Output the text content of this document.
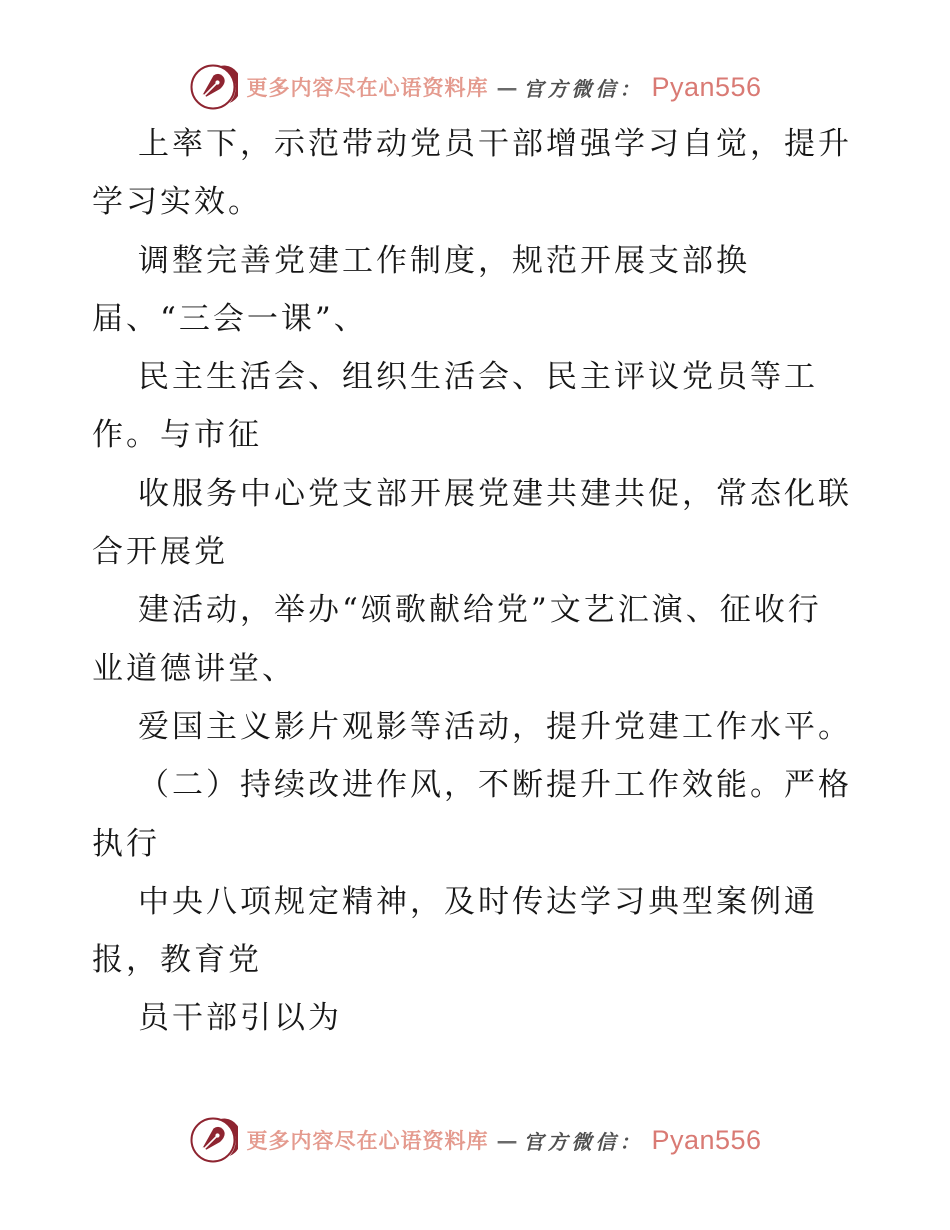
更多内容尽在心语资料库 — 官方微信： Pyan556
上率下，示范带动党员干部增强学习自觉，提升
学习实效。
调整完善党建工作制度，规范开展支部换
届、“三会一课”、
民主生活会、组织生活会、民主评议党员等工
作。与市征
收服务中心党支部开展党建共建共促，常态化联
合开展党
建活动，举办“颂歌献给党”文艺汇演、征收行
业道德讲堂、
爱国主义影片观影等活动，提升党建工作水平。
（二）持续改进作风，不断提升工作效能。严格
执行
中央八项规定精神，及时传达学习典型案例通
报，教育党
员干部引以为
更多内容尽在心语资料库 — 官方微信： Pyan556
